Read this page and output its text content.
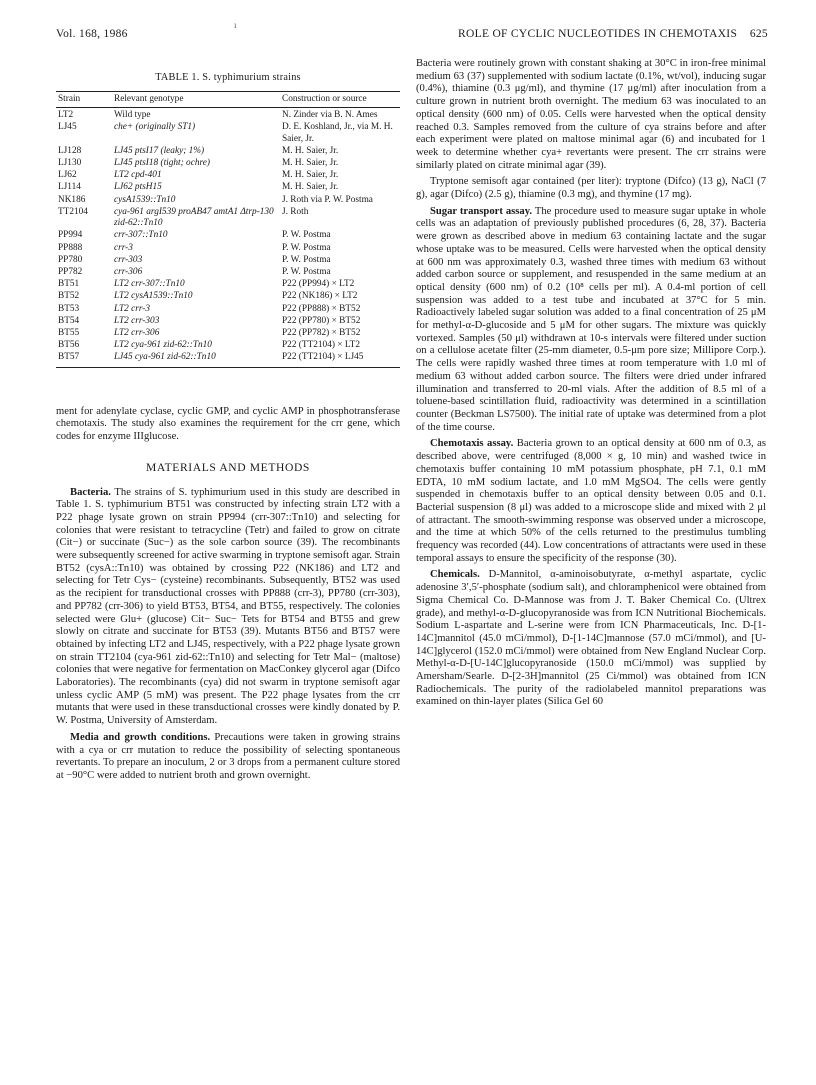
Vol. 168, 1986
ı
ROLE OF CYCLIC NUCLEOTIDES IN CHEMOTAXIS    625
TABLE 1. S. typhimurium strains
Strain	Relevant genotype	Construction or source
LT2	Wild type	N. Zinder via B. N. Ames
LJ45	che+ (originally ST1)	D. E. Koshland, Jr., via M. H. Saier, Jr.
LJ128	LJ45 ptsI17 (leaky; 1%)	M. H. Saier, Jr.
LJ130	LJ45 ptsI18 (tight; ochre)	M. H. Saier, Jr.
LJ62	LT2 cpd-401	M. H. Saier, Jr.
LJ114	LJ62 ptsH15	M. H. Saier, Jr.
NK186	cysA1539::Tn10	J. Roth via P. W. Postma
TT2104	cya-961 argI539 proAB47 amtA1 Δtrp-130 zid-62::Tn10	J. Roth
PP994	crr-307::Tn10	P. W. Postma
PP888	crr-3	P. W. Postma
PP780	crr-303	P. W. Postma
PP782	crr-306	P. W. Postma
BT51	LT2 crr-307::Tn10	P22 (PP994) × LT2
BT52	LT2 cysA1539::Tn10	P22 (NK186) × LT2
BT53	LT2 crr-3	P22 (PP888) × BT52
BT54	LT2 crr-303	P22 (PP780) × BT52
BT55	LT2 crr-306	P22 (PP782) × BT52
BT56	LT2 cya-961 zid-62::Tn10	P22 (TT2104) × LT2
BT57	LJ45 cya-961 zid-62::Tn10	P22 (TT2104) × LJ45
ment for adenylate cyclase, cyclic GMP, and cyclic AMP in phosphotransferase chemotaxis. The study also examines the requirement for the crr gene, which codes for enzyme IIIglucose.
MATERIALS AND METHODS
Bacteria. The strains of S. typhimurium used in this study are described in Table 1. S. typhimurium BT51 was constructed by infecting strain LT2 with a P22 phage lysate grown on strain PP994 (crr-307::Tn10) and selecting for colonies that were resistant to tetracycline (Tetr) and failed to grow on citrate (Cit−) or succinate (Suc−) as the sole carbon source (39). The recombinants were subsequently screened for active swarming in tryptone semisoft agar. Strain BT52 (cysA::Tn10) was obtained by crossing P22 (NK186) and LT2 and selecting for Tetr Cys− (cysteine) recombinants. Subsequently, BT52 was used as the recipient for transductional crosses with PP888 (crr-3), PP780 (crr-303), and PP782 (crr-306) to yield BT53, BT54, and BT55, respectively. The colonies selected were Glu+ (glucose) Cit− Suc− Tets for BT54 and BT55 and grew slowly on citrate and succinate for BT53 (39). Mutants BT56 and BT57 were obtained by infecting LT2 and LJ45, respectively, with a P22 phage lysate grown on strain TT2104 (cya-961 zid-62::Tn10) and selecting for Tetr Mal− (maltose) colonies that were negative for fermentation on MacConkey glycerol agar (Difco Laboratories). The recombinants (cya) did not swarm in tryptone semisoft agar unless cyclic AMP (5 mM) was present. The P22 phage lysates from the crr mutants that were used in these transductional crosses were kindly donated by P. W. Postma, University of Amsterdam.
Media and growth conditions. Precautions were taken in growing strains with a cya or crr mutation to reduce the possibility of selecting spontaneous revertants. To prepare an inoculum, 2 or 3 drops from a permanent culture stored at −90°C were added to nutrient broth and grown overnight.
Bacteria were routinely grown with constant shaking at 30°C in iron-free minimal medium 63 (37) supplemented with sodium lactate (0.1%, wt/vol), inducing sugar (0.4%), thiamine (0.3 μg/ml), and thymine (17 μg/ml) after inoculation from a culture grown in nutrient broth overnight. The medium 63 was inoculated to an optical density (600 nm) of 0.05. Cells were harvested when the optical density reached 0.3. Samples removed from the culture of cya strains before and after each experiment were plated on maltose minimal agar (6) and incubated for 1 week to determine whether cya+ revertants were present. The crr strains were similarly plated on citrate minimal agar (39).
Tryptone semisoft agar contained (per liter): tryptone (Difco) (13 g), NaCl (7 g), agar (Difco) (2.5 g), thiamine (0.3 mg), and thymine (17 mg).
Sugar transport assay. The procedure used to measure sugar uptake in whole cells was an adaptation of previously published procedures (6, 28, 37). Bacteria were grown as described above in medium 63 containing lactate and the sugar whose uptake was to be measured. Cells were harvested when the optical density at 600 nm was approximately 0.3, washed three times with medium 63 without added carbon source or supplement, and resuspended in the same medium at an optical density (600 nm) of 0.2 (10⁸ cells per ml). A 0.4-ml portion of cell suspension was added to a test tube and incubated at 37°C for 5 min. Radioactively labeled sugar solution was added to a final concentration of 25 μM for methyl-α-D-glucoside and 5 μM for other sugars. The mixture was quickly vortexed. Samples (50 μl) withdrawn at 10-s intervals were filtered under suction on a cellulose acetate filter (25-mm diameter, 0.5-μm pore size; Millipore Corp.). The cells were rapidly washed three times at room temperature with 1.0 ml of medium 63 without added carbon source. The filters were dried under infrared illumination and transferred to 20-ml vials. After the addition of 8.5 ml of a toluene-based scintillation fluid, radioactivity was determined in a scintillation counter (Beckman LS7500). The initial rate of uptake was determined from a plot of the time course.
Chemotaxis assay. Bacteria grown to an optical density at 600 nm of 0.3, as described above, were centrifuged (8,000 × g, 10 min) and washed twice in chemotaxis buffer containing 10 mM potassium phosphate, pH 7.1, 0.1 mM EDTA, 10 mM sodium lactate, and 1.0 mM MgSO4. The cells were gently suspended in chemotaxis buffer to an optical density between 0.05 and 0.1. Bacterial suspension (8 μl) was added to a microscope slide and mixed with 2 μl of attractant. The smooth-swimming response was observed under a microscope, and the time at which 50% of the cells returned to the prestimulus tumbling frequency was recorded (44). Low concentrations of attractants were used in these temporal assays to ensure the specificity of the response (30).
Chemicals. D-Mannitol, α-aminoisobutyrate, α-methyl aspartate, cyclic adenosine 3′,5′-phosphate (sodium salt), and chloramphenicol were obtained from Sigma Chemical Co. D-Mannose was from J. T. Baker Chemical Co. (Ultrex grade), and methyl-α-D-glucopyranoside was from ICN Nutritional Biochemicals. Sodium L-aspartate and L-serine were from ICN Pharmaceuticals, Inc. D-[1-14C]mannitol (45.0 mCi/mmol), D-[1-14C]mannose (57.0 mCi/mmol), and [U-14C]glycerol (152.0 mCi/mmol) were obtained from New England Nuclear Corp. Methyl-α-D-[U-14C]glucopyranoside (150.0 mCi/mmol) was supplied by Amersham/Searle. D-[2-3H]mannitol (25 Ci/mmol) was obtained from ICN Radiochemicals. The purity of the radiolabeled mannitol preparations was examined on thin-layer plates (Silica Gel 60
